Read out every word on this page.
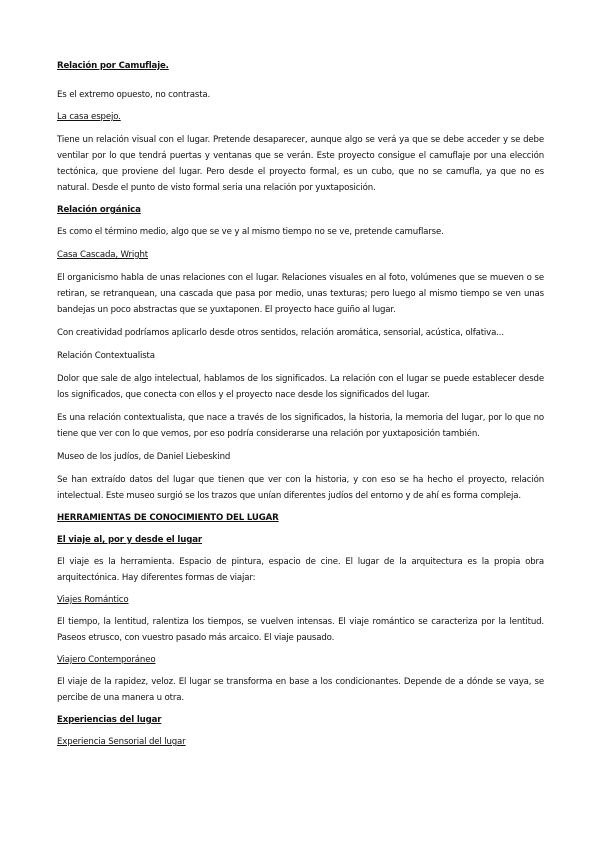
Relación por Camuflaje.

Es el extremo opuesto, no contrasta.

La casa espejo.

Tiene un relación visual con el lugar. Pretende desaparecer, aunque algo se verá ya que se debe acceder y se debe ventilar por lo que tendrá puertas y ventanas que se verán. Este proyecto consigue el camuflaje por una elección tectónica, que proviene del lugar. Pero desde el proyecto formal, es un cubo, que no se camufla, ya que no es natural. Desde el punto de visto formal seria una relación por yuxtaposición.

Relación orgánica

Es como el término medio, algo que se ve y al mismo tiempo no se ve, pretende camuflarse.

Casa Cascada, Wright

El organicismo habla de unas relaciones con el lugar. Relaciones visuales en al foto, volúmenes que se mueven o se retiran, se retranquean, una cascada que pasa por medio, unas texturas; pero luego al mismo tiempo se ven unas bandejas un poco abstractas que se yuxtaponen. El proyecto hace guiño al lugar.

Con creatividad podríamos aplicarlo desde otros sentidos, relación aromática, sensorial, acústica, olfativa...

Relación Contextualista

Dolor que sale de algo intelectual, hablamos de los significados. La relación con el lugar se puede establecer desde los significados, que conecta con ellos y el proyecto nace desde los significados del lugar.

Es una relación contextualista, que nace a través de los significados, la historia, la memoria del lugar, por lo que no tiene que ver con lo que vemos, por eso podría considerarse una relación por yuxtaposición también.

Museo de los judíos, de Daniel Liebeskind

Se han extraído datos del lugar que tienen que ver con la historia, y con eso se ha hecho el proyecto, relación intelectual. Este museo surgió se los trazos que unían diferentes judíos del entorno y de ahí es forma compleja.

HERRAMIENTAS DE CONOCIMIENTO DEL LUGAR

El viaje al, por y desde el lugar

El viaje es la herramienta. Espacio de pintura, espacio de cine. El lugar de la arquitectura es la propia obra arquitectónica. Hay diferentes formas de viajar:

Viajes Romántico

El tiempo, la lentitud, ralentiza los tiempos, se vuelven intensas. El viaje romántico se caracteriza por la lentitud. Paseos etrusco, con vuestro pasado más arcaico. El viaje pausado.

Viajero Contemporáneo

El viaje de la rapidez, veloz. El lugar se transforma en base a los condicionantes. Depende de a dónde se vaya, se percibe de una manera u otra.

Experiencias del lugar

Experiencia Sensorial del lugar
